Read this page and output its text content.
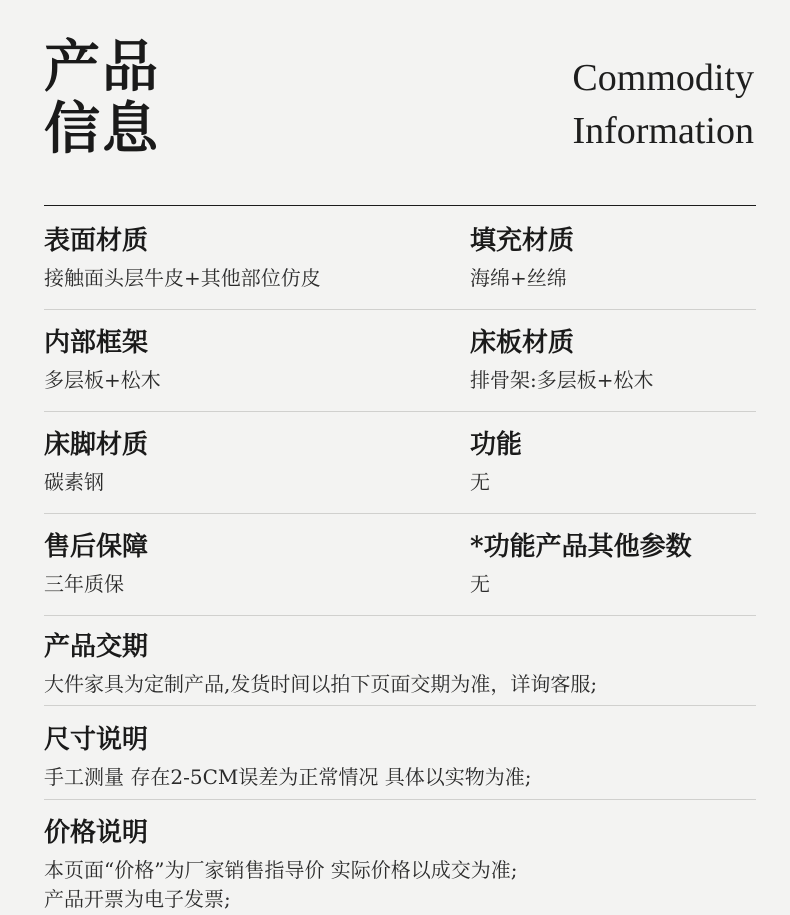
产品
信息
Commodity
Information
表面材质
接触面头层牛皮+其他部位仿皮
填充材质
海绵+丝绵
内部框架
多层板+松木
床板材质
排骨架:多层板+松木
床脚材质
碳素钢
功能
无
售后保障
三年质保
*功能产品其他参数
无
产品交期
大件家具为定制产品,发货时间以拍下页面交期为准，详询客服;
尺寸说明
手工测量 存在2-5CM误差为正常情况 具体以实物为准;
价格说明
本页面“价格”为厂家销售指导价 实际价格以成交为准;
产品开票为电子发票;
